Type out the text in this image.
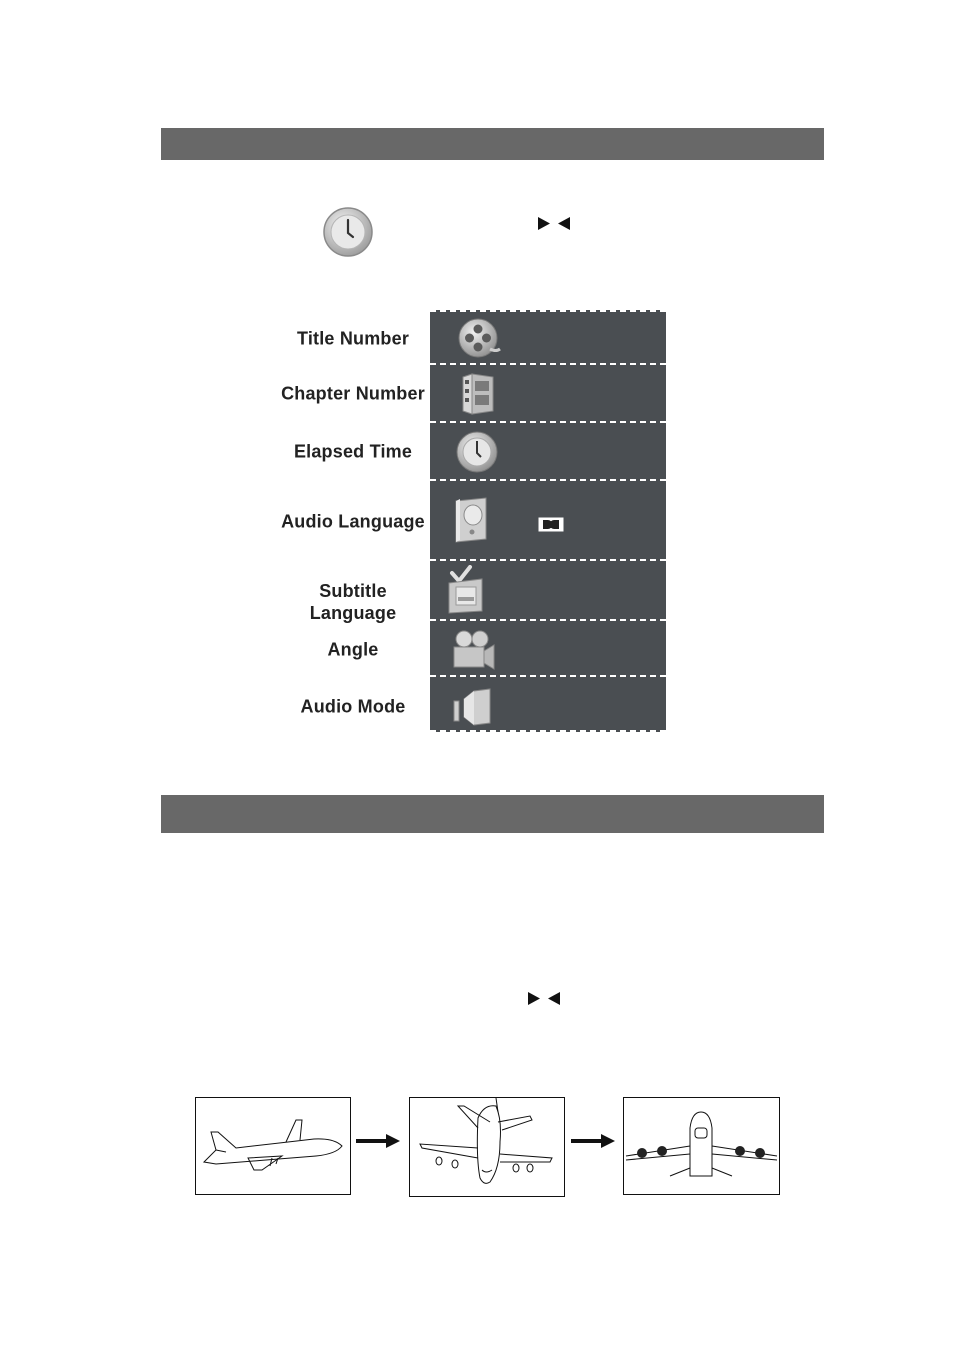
Title Number
Chapter Number
Elapsed Time
Audio Language
Subtitle Language
Angle
Audio Mode
